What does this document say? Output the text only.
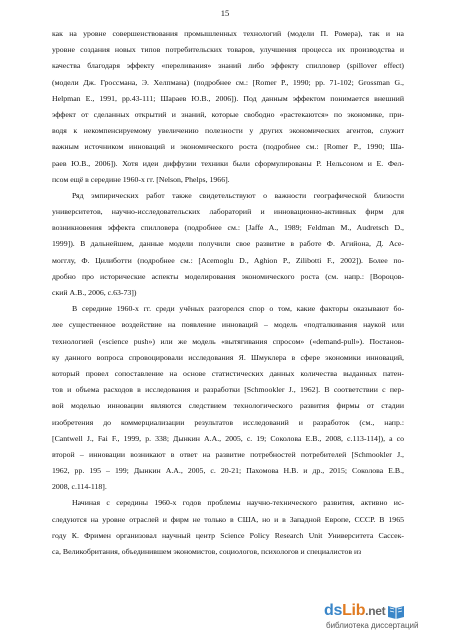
15
как на уровне совершенствования промышленных технологий (модели П. Ромера), так и на
уровне создания новых типов потребительских товаров, улучшения процесса их производства и
качества благодаря эффекту «переливания» знаний либо эффекту спилловер (spillover effect)
(модели Дж. Гроссмана, Э. Хелпмана) (подробнее см.: [Romer P., 1990; pp. 71-102; Grossman G.,
Helpman E., 1991, pp.43-111; Шараев Ю.В., 2006]). Под данным эффектом понимается внешний
эффект от сделанных открытий и знаний, которые свободно «растекаются» по экономике, при-
водя к некомпенсируемому увеличению полезности у других экономических агентов, служит
важным источником инноваций и экономического роста (подробнее см.: [Romer P., 1990; Ша-
раев Ю.В., 2006]). Хотя идеи диффузии техники были сформулированы Р. Нельсоном и Е. Фел-
псом ещё в середине 1960-х гг. [Nelson, Phelps, 1966].
Ряд эмпирических работ также свидетельствуют о важности географической близости
университетов, научно-исследовательских лабораторий и инновационно-активных фирм для
возникновения эффекта спилловера (подробнее см.: [Jaffe A., 1989; Feldman M., Audretsch D.,
1999]). В дальнейшем, данные модели получили свое развитие в работе Ф. Агийона, Д. Асе-
могглу, Ф. Цилиботти (подробнее см.: [Acemoglu D., Aghion P., Zilibotti F., 2002]). Более по-
дробно про исторические аспекты моделирования экономического роста (см. напр.: [Вороцов-
ский А.В., 2006, с.63-73])
В середине 1960-х гг. среди учёных разгорелся спор о том, какие факторы оказывают бо-
лее существенное воздействие на появление инноваций – модель «подталкивания наукой или
технологией («science push») или же модель «вытягивания спросом» («demand-pull»). Постанов-
ку данного вопроса спровоцировали исследования Я. Шмуклера в сфере экономики инноваций,
который провел сопоставление на основе статистических данных количества выданных патен-
тов и объема расходов в исследования и разработки [Schmookler J., 1962]. В соответствии с пер-
вой моделью инновации являются следствием технологического развития фирмы от стадии
изобретения до коммерциализации результатов исследований и разработок (см., напр.:
[Cantwell J., Fai F., 1999, p. 338; Дынкин А.А., 2005, с. 19; Соколова Е.В., 2008, с.113-114]), а со
второй – инновации возникают в ответ на развитие потребностей потребителей [Schmookler J.,
1962, pp. 195 – 199; Дынкин А.А., 2005, с. 20-21; Пахомова Н.В. и др., 2015; Соколова Е.В.,
2008, с.114-118].
Начиная с середины 1960-х годов проблемы научно-технического развития, активно ис-
следуются на уровне отраслей и фирм не только в США, но и в Западной Европе, СССР. В 1965
году К. Фримен организовал научный центр Science Policy Research Unit Университета Сассек-
са, Великобритания, объединившем экономистов, социологов, психологов и специалистов из
dsLib.net
библиотека диссертаций
